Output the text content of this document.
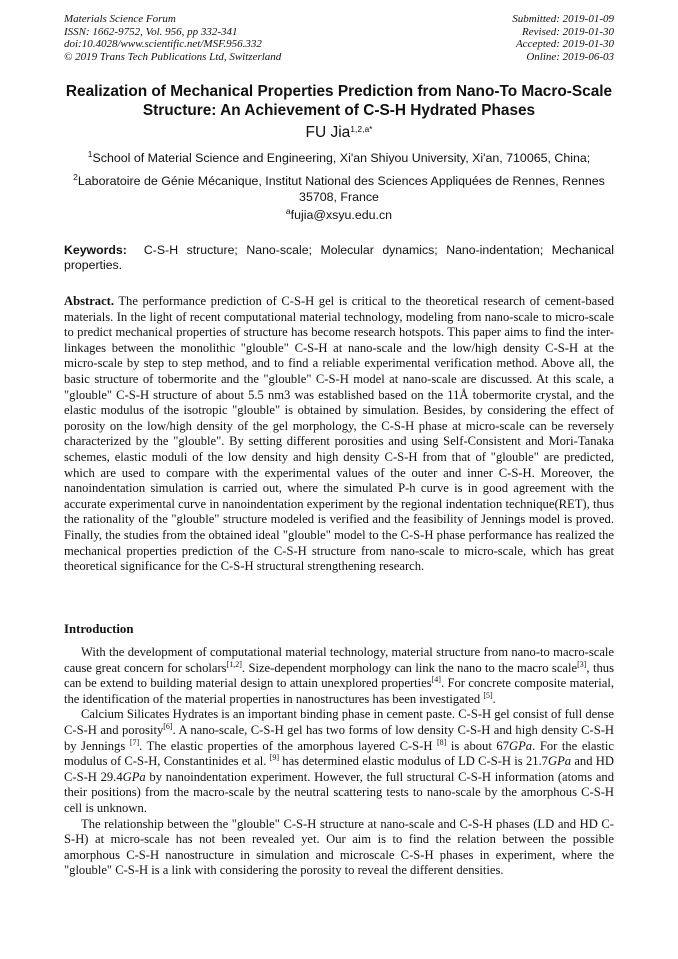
Materials Science Forum
ISSN: 1662-9752, Vol. 956, pp 332-341
doi:10.4028/www.scientific.net/MSF.956.332
© 2019 Trans Tech Publications Ltd, Switzerland
Submitted: 2019-01-09
Revised: 2019-01-30
Accepted: 2019-01-30
Online: 2019-06-03
Realization of Mechanical Properties Prediction from Nano-To Macro-Scale Structure: An Achievement of C-S-H Hydrated Phases
FU Jia$^{1,2,a*}$
$^1$School of Material Science and Engineering, Xi'an Shiyou University, Xi'an, 710065, China;
$^2$Laboratoire de Génie Mécanique, Institut National des Sciences Appliquées de Rennes, Rennes 35708, France
$^a$fujia@xsyu.edu.cn
Keywords: C-S-H structure; Nano-scale; Molecular dynamics; Nano-indentation; Mechanical properties.
Abstract. The performance prediction of C-S-H gel is critical to the theoretical research of cement-based materials. In the light of recent computational material technology, modeling from nano-scale to micro-scale to predict mechanical properties of structure has become research hotspots. This paper aims to find the inter-linkages between the monolithic "glouble" C-S-H at nano-scale and the low/high density C-S-H at the micro-scale by step to step method, and to find a reliable experimental verification method. Above all, the basic structure of tobermorite and the "glouble" C-S-H model at nano-scale are discussed. At this scale, a "glouble" C-S-H structure of about 5.5 nm3 was established based on the 11Å tobermorite crystal, and the elastic modulus of the isotropic "glouble" is obtained by simulation. Besides, by considering the effect of porosity on the low/high density of the gel morphology, the C-S-H phase at micro-scale can be reversely characterized by the "glouble". By setting different porosities and using Self-Consistent and Mori-Tanaka schemes, elastic moduli of the low density and high density C-S-H from that of "glouble" are predicted, which are used to compare with the experimental values of the outer and inner C-S-H. Moreover, the nanoindentation simulation is carried out, where the simulated P-h curve is in good agreement with the accurate experimental curve in nanoindentation experiment by the regional indentation technique(RET), thus the rationality of the "glouble" structure modeled is verified and the feasibility of Jennings model is proved. Finally, the studies from the obtained ideal "glouble" model to the C-S-H phase performance has realized the mechanical properties prediction of the C-S-H structure from nano-scale to micro-scale, which has great theoretical significance for the C-S-H structural strengthening research.
Introduction

With the development of computational material technology, material structure from nano-to macro-scale cause great concern for scholars[1,2]. Size-dependent morphology can link the nano to the macro scale[3], thus can be extend to building material design to attain unexplored properties[4]. For concrete composite material, the identification of the material properties in nanostructures has been investigated [5].

Calcium Silicates Hydrates is an important binding phase in cement paste. C-S-H gel consist of full dense C-S-H and porosity[6]. A nano-scale, C-S-H gel has two forms of low density C-S-H and high density C-S-H by Jennings [7]. The elastic properties of the amorphous layered C-S-H [8] is about 67GPa. For the elastic modulus of C-S-H, Constantinides et al. [9] has determined elastic modulus of LD C-S-H is 21.7GPa and HD C-S-H 29.4GPa by nanoindentation experiment. However, the full structural C-S-H information (atoms and their positions) from the macro-scale by the neutral scattering tests to nano-scale by the amorphous C-S-H cell is unknown.

The relationship between the "glouble" C-S-H structure at nano-scale and C-S-H phases (LD and HD C-S-H) at micro-scale has not been revealed yet. Our aim is to find the relation between the possible amorphous C-S-H nanostructure in simulation and microscale C-S-H phases in experiment, where the "glouble" C-S-H is a link with considering the porosity to reveal the different densities.
